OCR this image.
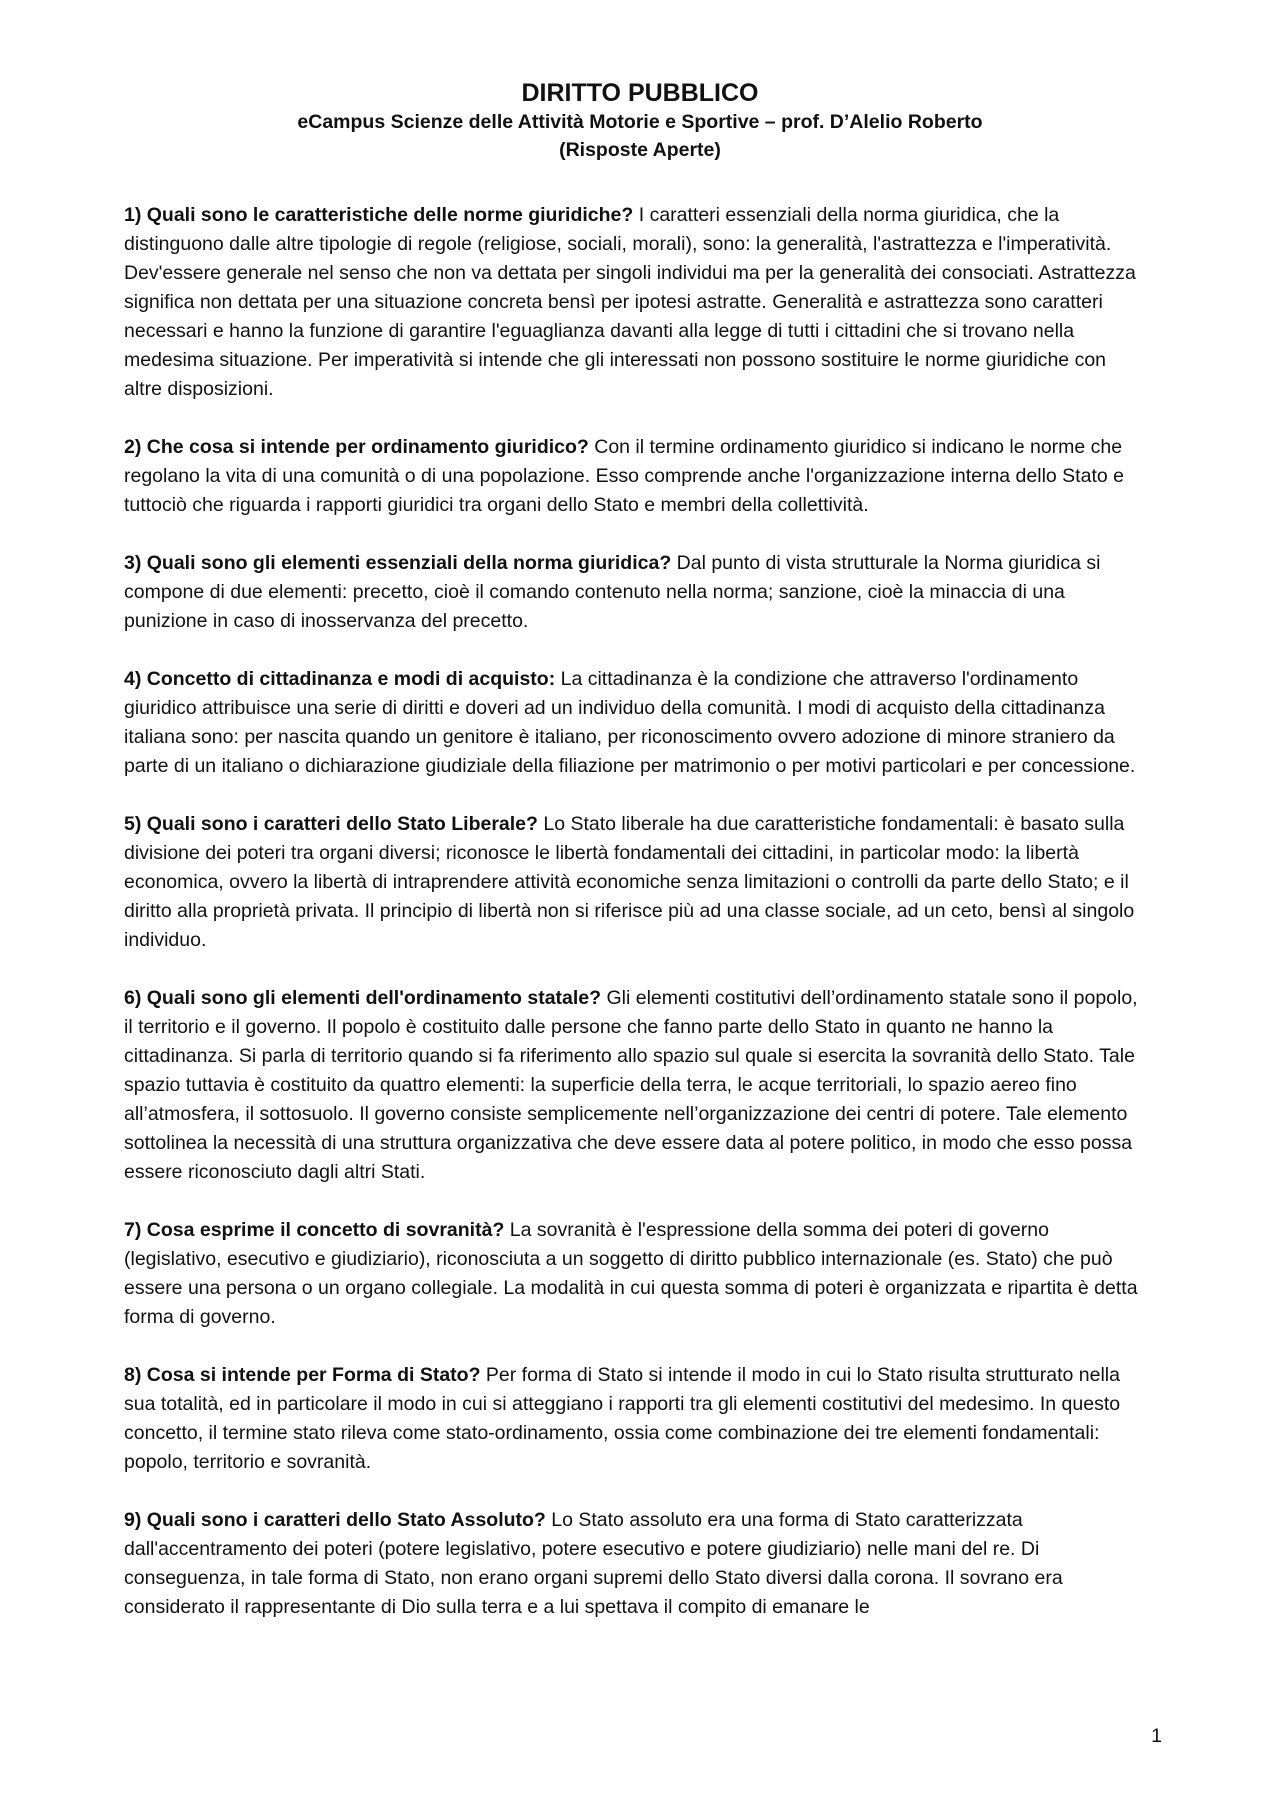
DIRITTO PUBBLICO

eCampus Scienze delle Attività Motorie e Sportive – prof. D’Alelio Roberto

(Risposte Aperte)

1) Quali sono le caratteristiche delle norme giuridiche? I caratteri essenziali della norma giuridica, che la distinguono dalle altre tipologie di regole (religiose, sociali, morali), sono: la generalità, l'astrattezza e l'imperatività. Dev'essere generale nel senso che non va dettata per singoli individui ma per la generalità dei consociati. Astrattezza significa non dettata per una situazione concreta bensì per ipotesi astratte. Generalità e astrattezza sono caratteri necessari e hanno la funzione di garantire l'eguaglianza davanti alla legge di tutti i cittadini che si trovano nella medesima situazione. Per imperatività si intende che gli interessati non possono sostituire le norme giuridiche con altre disposizioni.

2) Che cosa si intende per ordinamento giuridico? Con il termine ordinamento giuridico si indicano le norme che regolano la vita di una comunità o di una popolazione. Esso comprende anche l'organizzazione interna dello Stato e tuttociò che riguarda i rapporti giuridici tra organi dello Stato e membri della collettività.

3) Quali sono gli elementi essenziali della norma giuridica? Dal punto di vista strutturale la Norma giuridica si compone di due elementi: precetto, cioè il comando contenuto nella norma; sanzione, cioè la minaccia di una punizione in caso di inosservanza del precetto.

4) Concetto di cittadinanza e modi di acquisto: La cittadinanza è la condizione che attraverso l'ordinamento giuridico attribuisce una serie di diritti e doveri ad un individuo della comunità. I modi di acquisto della cittadinanza italiana sono: per nascita quando un genitore è italiano, per riconoscimento ovvero adozione di minore straniero da parte di un italiano o dichiarazione giudiziale della filiazione per matrimonio o per motivi particolari e per concessione.

5) Quali sono i caratteri dello Stato Liberale? Lo Stato liberale ha due caratteristiche fondamentali: è basato sulla divisione dei poteri tra organi diversi; riconosce le libertà fondamentali dei cittadini, in particolar modo: la libertà economica, ovvero la libertà di intraprendere attività economiche senza limitazioni o controlli da parte dello Stato; e il diritto alla proprietà privata. Il principio di libertà non si riferisce più ad una classe sociale, ad un ceto, bensì al singolo individuo.

6) Quali sono gli elementi dell'ordinamento statale? Gli elementi costitutivi dell’ordinamento statale sono il popolo, il territorio e il governo. Il popolo è costituito dalle persone che fanno parte dello Stato in quanto ne hanno la cittadinanza. Si parla di territorio quando si fa riferimento allo spazio sul quale si esercita la sovranità dello Stato. Tale spazio tuttavia è costituito da quattro elementi: la superficie della terra, le acque territoriali, lo spazio aereo fino all’atmosfera, il sottosuolo. Il governo consiste semplicemente nell’organizzazione dei centri di potere. Tale elemento sottolinea la necessità di una struttura organizzativa che deve essere data al potere politico, in modo che esso possa essere riconosciuto dagli altri Stati.

7) Cosa esprime il concetto di sovranità? La sovranità è l'espressione della somma dei poteri di governo (legislativo, esecutivo e giudiziario), riconosciuta a un soggetto di diritto pubblico internazionale (es. Stato) che può essere una persona o un organo collegiale. La modalità in cui questa somma di poteri è organizzata e ripartita è detta forma di governo.

8) Cosa si intende per Forma di Stato? Per forma di Stato si intende il modo in cui lo Stato risulta strutturato nella sua totalità, ed in particolare il modo in cui si atteggiano i rapporti tra gli elementi costitutivi del medesimo. In questo concetto, il termine stato rileva come stato-ordinamento, ossia come combinazione dei tre elementi fondamentali: popolo, territorio e sovranità.

9) Quali sono i caratteri dello Stato Assoluto? Lo Stato assoluto era una forma di Stato caratterizzata dall'accentramento dei poteri (potere legislativo, potere esecutivo e potere giudiziario) nelle mani del re. Di conseguenza, in tale forma di Stato, non erano organi supremi dello Stato diversi dalla corona. Il sovrano era considerato il rappresentante di Dio sulla terra e a lui spettava il compito di emanare le

1
